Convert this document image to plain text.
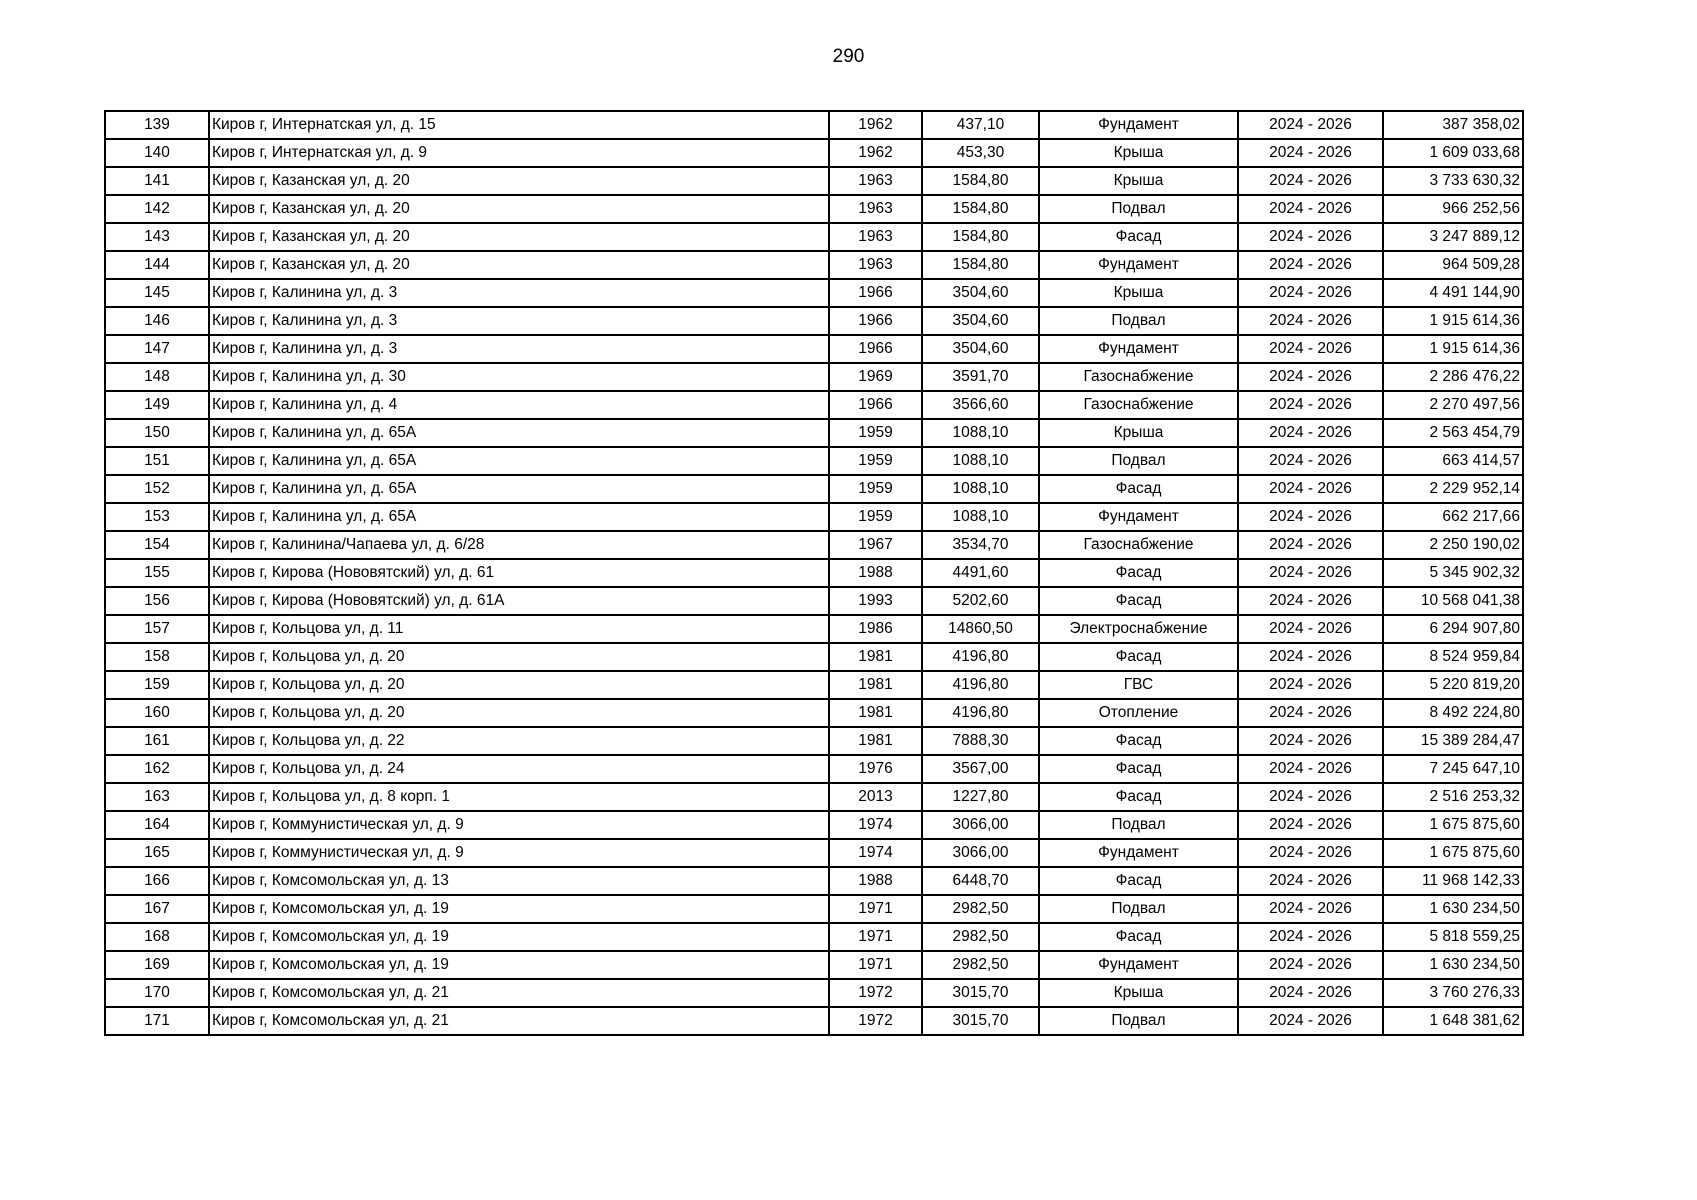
290
139	Киров г, Интернатская ул, д. 15	1962	437,10	Фундамент	2024 - 2026	387 358,02
140	Киров г, Интернатская ул, д. 9	1962	453,30	Крыша	2024 - 2026	1 609 033,68
141	Киров г, Казанская ул, д. 20	1963	1584,80	Крыша	2024 - 2026	3 733 630,32
142	Киров г, Казанская ул, д. 20	1963	1584,80	Подвал	2024 - 2026	966 252,56
143	Киров г, Казанская ул, д. 20	1963	1584,80	Фасад	2024 - 2026	3 247 889,12
144	Киров г, Казанская ул, д. 20	1963	1584,80	Фундамент	2024 - 2026	964 509,28
145	Киров г, Калинина ул, д. 3	1966	3504,60	Крыша	2024 - 2026	4 491 144,90
146	Киров г, Калинина ул, д. 3	1966	3504,60	Подвал	2024 - 2026	1 915 614,36
147	Киров г, Калинина ул, д. 3	1966	3504,60	Фундамент	2024 - 2026	1 915 614,36
148	Киров г, Калинина ул, д. 30	1969	3591,70	Газоснабжение	2024 - 2026	2 286 476,22
149	Киров г, Калинина ул, д. 4	1966	3566,60	Газоснабжение	2024 - 2026	2 270 497,56
150	Киров г, Калинина ул, д. 65А	1959	1088,10	Крыша	2024 - 2026	2 563 454,79
151	Киров г, Калинина ул, д. 65А	1959	1088,10	Подвал	2024 - 2026	663 414,57
152	Киров г, Калинина ул, д. 65А	1959	1088,10	Фасад	2024 - 2026	2 229 952,14
153	Киров г, Калинина ул, д. 65А	1959	1088,10	Фундамент	2024 - 2026	662 217,66
154	Киров г, Калинина/Чапаева ул, д. 6/28	1967	3534,70	Газоснабжение	2024 - 2026	2 250 190,02
155	Киров г, Кирова (Нововятский) ул, д. 61	1988	4491,60	Фасад	2024 - 2026	5 345 902,32
156	Киров г, Кирова (Нововятский) ул, д. 61А	1993	5202,60	Фасад	2024 - 2026	10 568 041,38
157	Киров г, Кольцова ул, д. 11	1986	14860,50	Электроснабжение	2024 - 2026	6 294 907,80
158	Киров г, Кольцова ул, д. 20	1981	4196,80	Фасад	2024 - 2026	8 524 959,84
159	Киров г, Кольцова ул, д. 20	1981	4196,80	ГВС	2024 - 2026	5 220 819,20
160	Киров г, Кольцова ул, д. 20	1981	4196,80	Отопление	2024 - 2026	8 492 224,80
161	Киров г, Кольцова ул, д. 22	1981	7888,30	Фасад	2024 - 2026	15 389 284,47
162	Киров г, Кольцова ул, д. 24	1976	3567,00	Фасад	2024 - 2026	7 245 647,10
163	Киров г, Кольцова ул, д. 8 корп. 1	2013	1227,80	Фасад	2024 - 2026	2 516 253,32
164	Киров г, Коммунистическая ул, д. 9	1974	3066,00	Подвал	2024 - 2026	1 675 875,60
165	Киров г, Коммунистическая ул, д. 9	1974	3066,00	Фундамент	2024 - 2026	1 675 875,60
166	Киров г, Комсомольская ул, д. 13	1988	6448,70	Фасад	2024 - 2026	11 968 142,33
167	Киров г, Комсомольская ул, д. 19	1971	2982,50	Подвал	2024 - 2026	1 630 234,50
168	Киров г, Комсомольская ул, д. 19	1971	2982,50	Фасад	2024 - 2026	5 818 559,25
169	Киров г, Комсомольская ул, д. 19	1971	2982,50	Фундамент	2024 - 2026	1 630 234,50
170	Киров г, Комсомольская ул, д. 21	1972	3015,70	Крыша	2024 - 2026	3 760 276,33
171	Киров г, Комсомольская ул, д. 21	1972	3015,70	Подвал	2024 - 2026	1 648 381,62
